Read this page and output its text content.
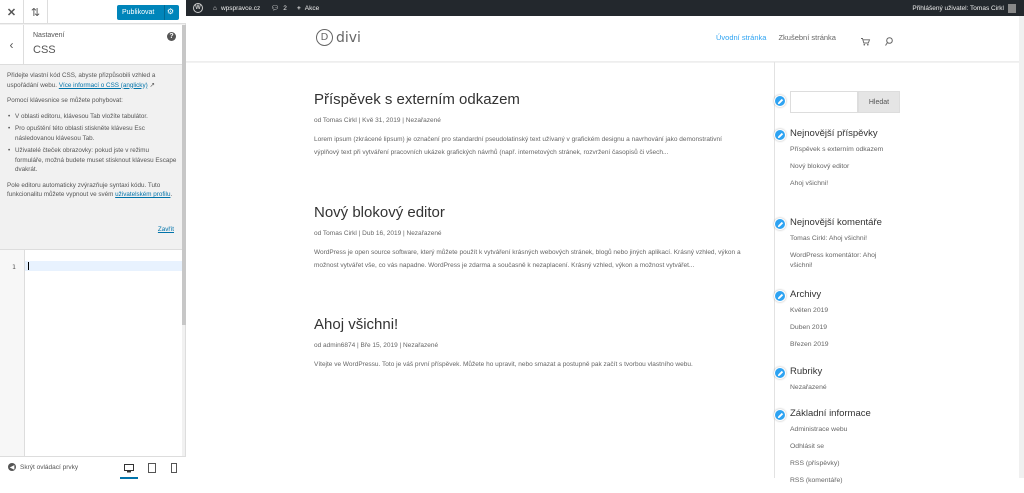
✕	⇅	Publikovat ⚙
‹
Nastavení
CSS
?

Přidejte vlastní kód CSS, abyste přizpůsobili vzhled a uspořádání webu. Více informací o CSS (anglicky) ↗

Pomocí klávesnice se můžete pohybovat:

• V oblasti editoru, klávesou Tab vložíte tabulátor.
• Pro opuštění této oblasti stiskněte klávesu Esc následovanou klávesou Tab.
• Uživatelé čteček obrazovky: pokud jste v režimu formuláře, možná budete muset stisknout klávesu Escape dvakrát.

Pole editoru automaticky zvýrazňuje syntaxi kódu. Tuto funkcionalitu můžete vypnout ve svém uživatelském profilu.

Zavřít
1
◀ Skrýt ovládací prvky
W	⌂ wpspravce.cz 💬︎ 2 + Akce	Přihlášený uživatel: Tomas Cirkl
D divi	Úvodní stránka Zkušební stránka
Příspěvek s externím odkazem
od Tomas Cirkl | Kvě 31, 2019 | Nezařazené
Lorem ipsum (zkrácené lipsum) je označení pro standardní pseudolatinský text užívaný v grafickém designu a navrhování jako demonstrativní výplňový text při vytváření pracovních ukázek grafických návrhů (např. internetových stránek, rozvržení časopisů či všech...
Nový blokový editor
od Tomas Cirkl | Dub 16, 2019 | Nezařazené
WordPress je open source software, který můžete použít k vytváření krásných webových stránek, blogů nebo jiných aplikací. Krásný vzhled, výkon a možnost vytvářet vše, co vás napadne. WordPress je zdarma a současně k nezaplacení. Krásný vzhled, výkon a možnost vytvářet...
Ahoj všichni!
od admin6874 | Bře 15, 2019 | Nezařazené
Vítejte ve WordPressu. Toto je váš první příspěvek. Můžete ho upravit, nebo smazat a postupně pak začít s tvorbou vlastního webu.
Hledat
Nejnovější příspěvky
Příspěvek s externím odkazem
Nový blokový editor
Ahoj všichni!
Nejnovější komentáře
Tomas Cirkl: Ahoj všichni!
WordPress komentátor: Ahoj všichni!
Archivy
Květen 2019
Duben 2019
Březen 2019
Rubriky
Nezařazené
Základní informace
Administrace webu
Odhlásit se
RSS (příspěvky)
RSS (komentáře)
